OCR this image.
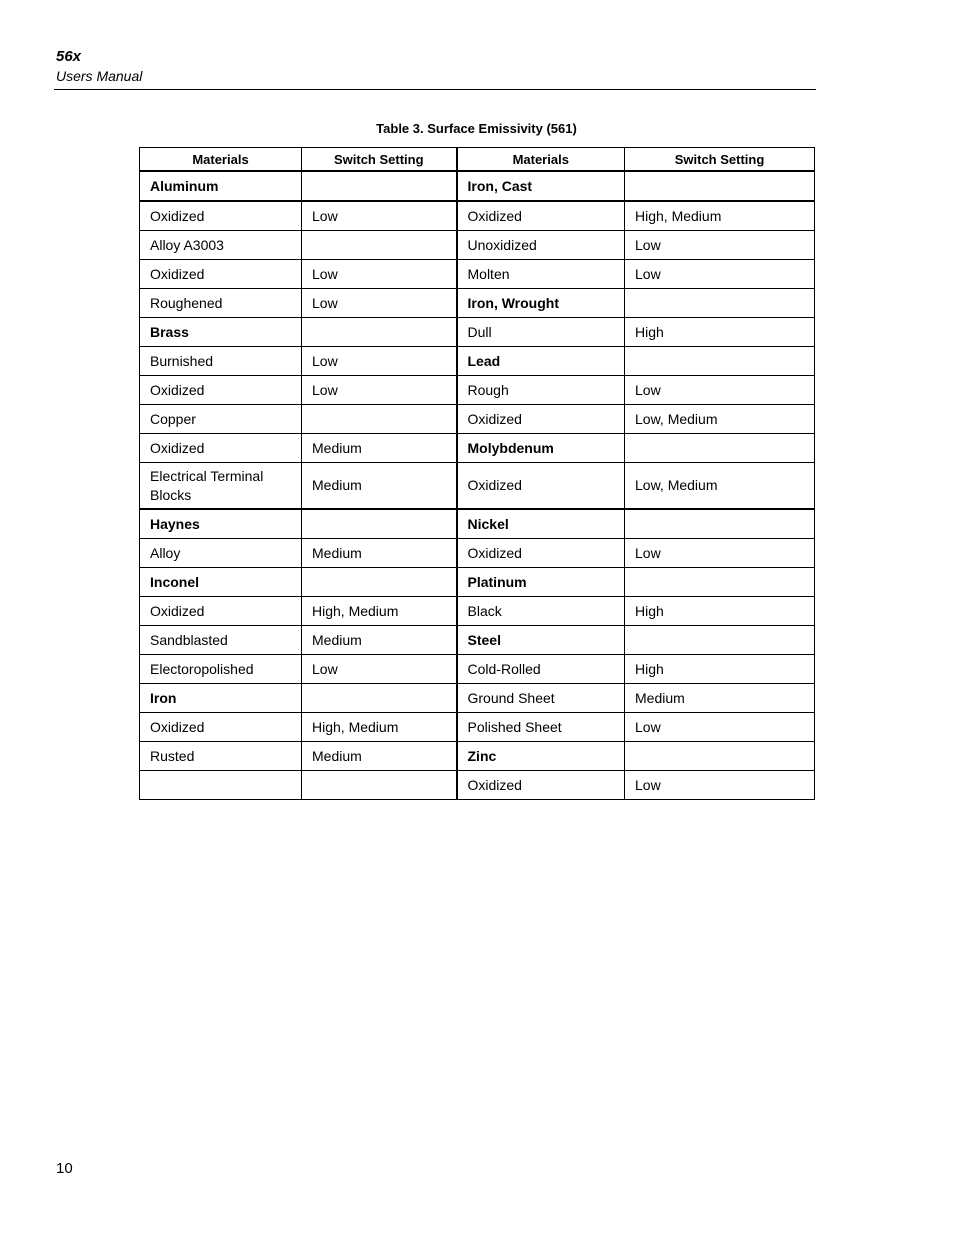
56x
Users Manual
Table 3. Surface Emissivity (561)
Materials	Switch Setting	Materials	Switch Setting
Aluminum		Iron, Cast	
Oxidized	Low	Oxidized	High, Medium
Alloy A3003		Unoxidized	Low
Oxidized	Low	Molten	Low
Roughened	Low	Iron, Wrought	
Brass		Dull	High
Burnished	Low	Lead	
Oxidized	Low	Rough	Low
Copper		Oxidized	Low, Medium
Oxidized	Medium	Molybdenum	
Electrical Terminal Blocks	Medium	Oxidized	Low, Medium
Haynes		Nickel	
Alloy	Medium	Oxidized	Low
Inconel		Platinum	
Oxidized	High, Medium	Black	High
Sandblasted	Medium	Steel	
Electoropolished	Low	Cold-Rolled	High
Iron		Ground Sheet	Medium
Oxidized	High, Medium	Polished Sheet	Low
Rusted	Medium	Zinc	
		Oxidized	Low
10
